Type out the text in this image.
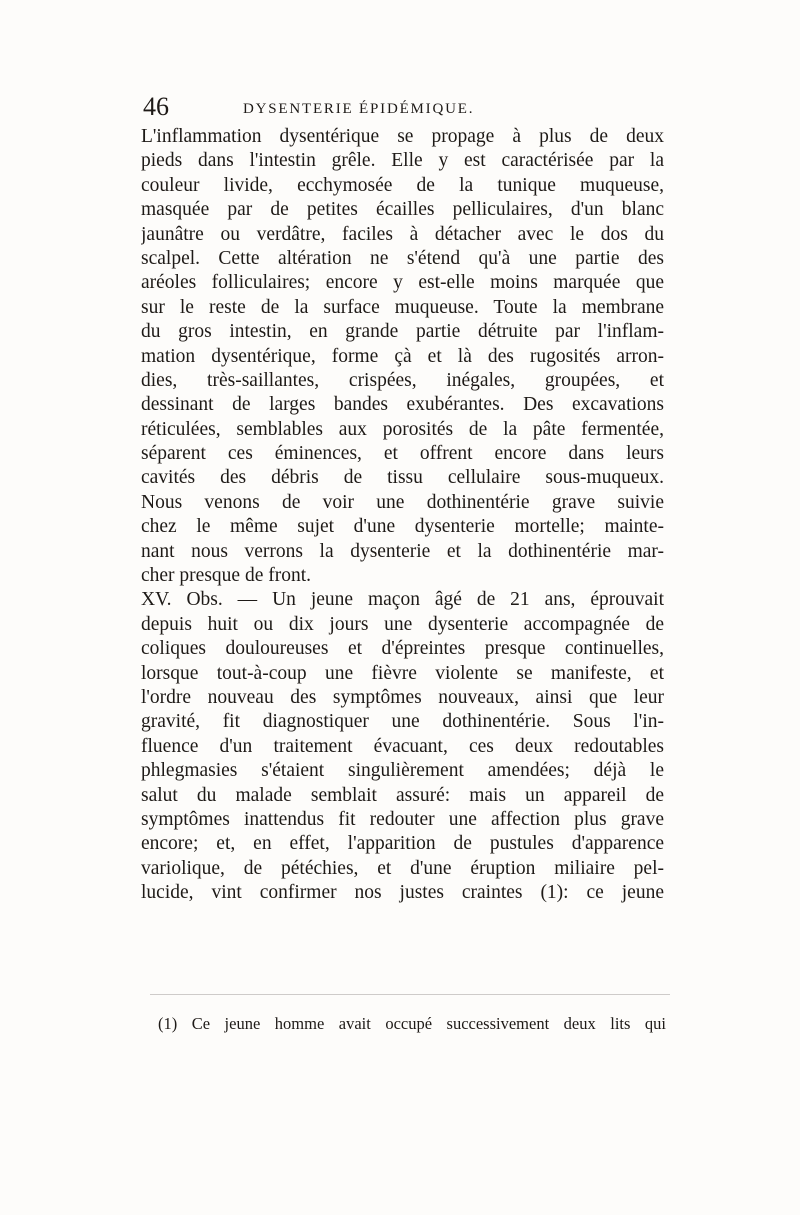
46	DYSENTERIE ÉPIDÉMIQUE.
L'inflammation dysentérique se propage à plus de deux
pieds dans l'intestin grêle. Elle y est caractérisée par la
couleur livide, ecchymosée de la tunique muqueuse,
masquée par de petites écailles pelliculaires, d'un blanc
jaunâtre ou verdâtre, faciles à détacher avec le dos du
scalpel. Cette altération ne s'étend qu'à une partie des
aréoles folliculaires; encore y est-elle moins marquée que
sur le reste de la surface muqueuse. Toute la membrane
du gros intestin, en grande partie détruite par l'inflam-
mation dysentérique, forme çà et là des rugosités arron-
dies, très-saillantes, crispées, inégales, groupées, et
dessinant de larges bandes exubérantes. Des excavations
réticulées, semblables aux porosités de la pâte fermentée,
séparent ces éminences, et offrent encore dans leurs
cavités des débris de tissu cellulaire sous-muqueux.
Nous venons de voir une dothinentérie grave suivie
chez le même sujet d'une dysenterie mortelle; mainte-
nant nous verrons la dysenterie et la dothinentérie mar-
cher presque de front.
XV. Obs. — Un jeune maçon âgé de 21 ans, éprouvait
depuis huit ou dix jours une dysenterie accompagnée de
coliques douloureuses et d'épreintes presque continuelles,
lorsque tout-à-coup une fièvre violente se manifeste, et
l'ordre nouveau des symptômes nouveaux, ainsi que leur
gravité, fit diagnostiquer une dothinentérie. Sous l'in-
fluence d'un traitement évacuant, ces deux redoutables
phlegmasies s'étaient singulièrement amendées; déjà le
salut du malade semblait assuré: mais un appareil de
symptômes inattendus fit redouter une affection plus grave
encore; et, en effet, l'apparition de pustules d'apparence
variolique, de pétéchies, et d'une éruption miliaire pel-
lucide, vint confirmer nos justes craintes (1): ce jeune
(1) Ce jeune homme avait occupé successivement deux lits qui
